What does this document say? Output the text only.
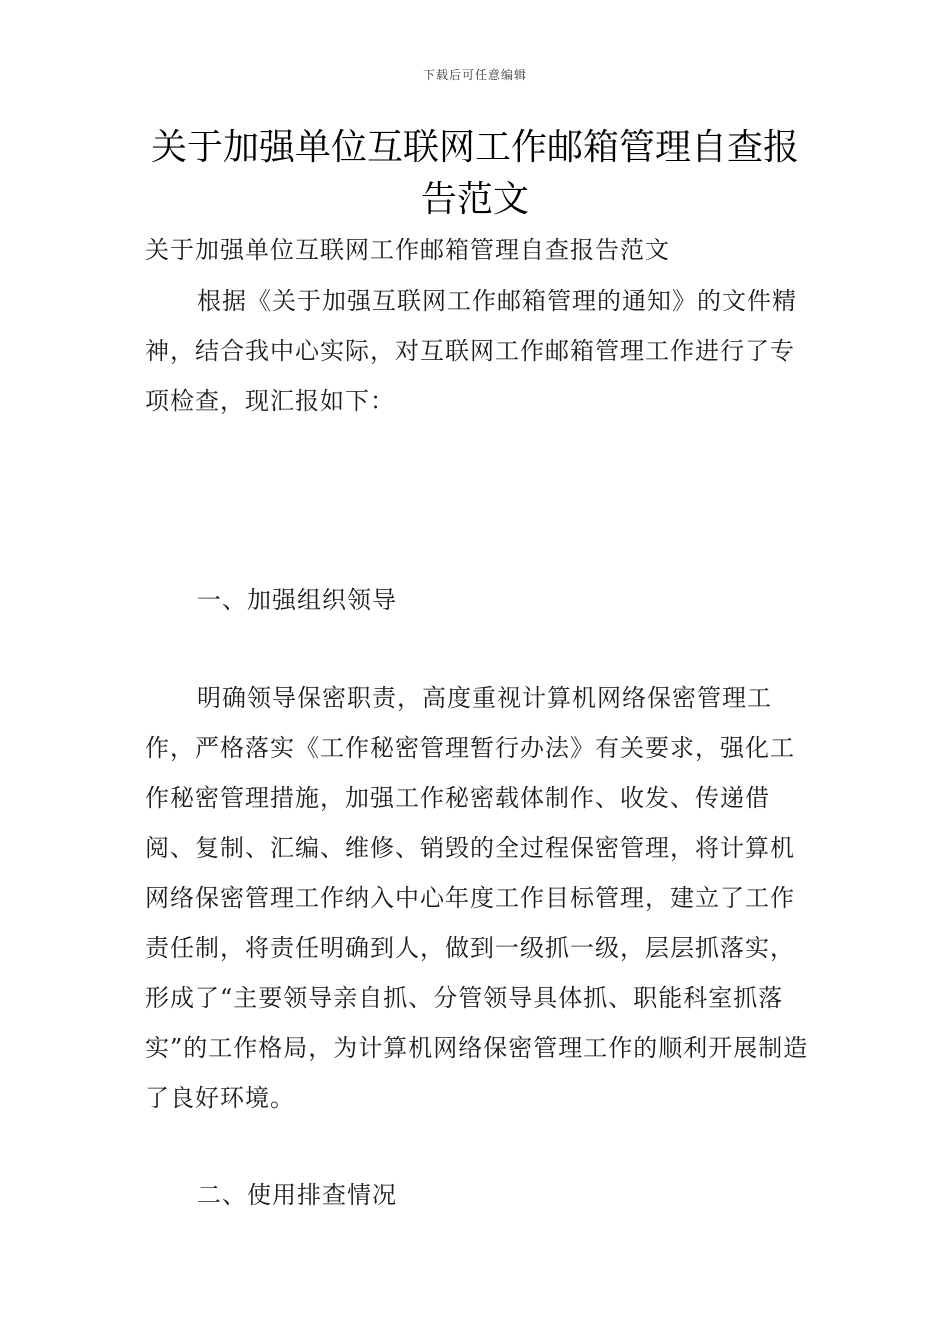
下载后可任意编辑
关于加强单位互联网工作邮箱管理自查报告范文

关于加强单位互联网工作邮箱管理自查报告范文

根据《关于加强互联网工作邮箱管理的通知》的文件精神，结合我中心实际，对互联网工作邮箱管理工作进行了专项检查，现汇报如下：

一、加强组织领导

明确领导保密职责，高度重视计算机网络保密管理工作，严格落实《工作秘密管理暂行办法》有关要求，强化工作秘密管理措施，加强工作秘密载体制作、收发、传递借阅、复制、汇编、维修、销毁的全过程保密管理，将计算机网络保密管理工作纳入中心年度工作目标管理，建立了工作责任制，将责任明确到人，做到一级抓一级，层层抓落实，形成了“主要领导亲自抓、分管领导具体抓、职能科室抓落实”的工作格局，为计算机网络保密管理工作的顺利开展制造了良好环境。

二、使用排查情况
